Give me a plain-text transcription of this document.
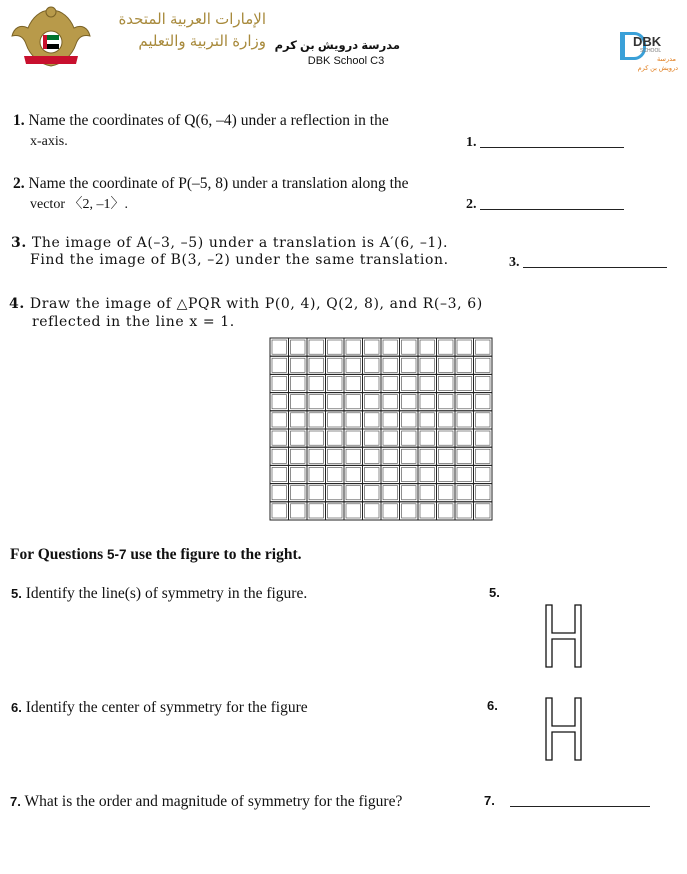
الإمارات العربية المتحدة
وزارة التربية والتعليم مدرسة درويش بن كرم
DBK School C3
DBK
SCHOOL
مدرسة
درويش بن كرم
1. Name the coordinates of Q(6, –4) under a reflection in the
x-axis.	1.
2. Name the coordinate of P(–5, 8) under a translation along the
vector 〈2, –1〉.	2.
3. The image of A(–3, –5) under a translation is A′(6, –1).
Find the image of B(3, –2) under the same translation.	3.
4. Draw the image of △PQR with P(0, 4), Q(2, 8), and R(–3, 6)
reflected in the line x = 1.
For Questions 5-7 use the figure to the right.
5. Identify the line(s) of symmetry in the figure.	5.
6. Identify the center of symmetry for the figure	6.
7. What is the order and magnitude of symmetry for the figure?	7.
